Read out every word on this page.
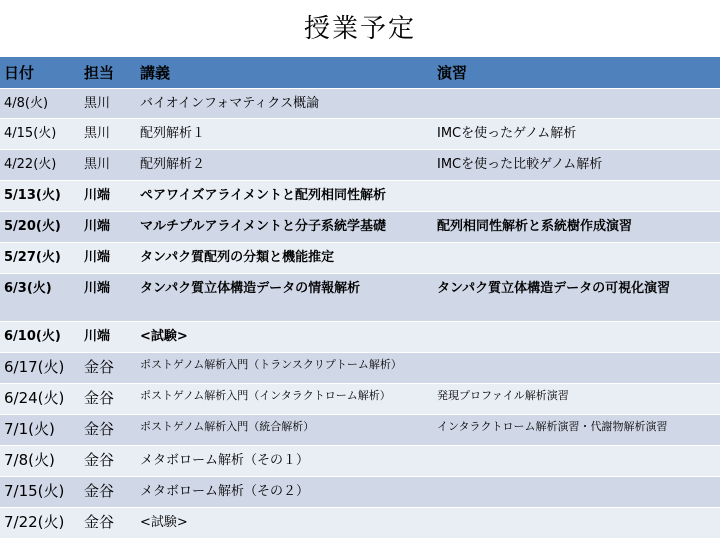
授業予定
日付	担当	講義	演習
4/8(火)	黒川	バイオインフォマティクス概論	
4/15(火)	黒川	配列解析１	IMCを使ったゲノム解析
4/22(火)	黒川	配列解析２	IMCを使った比較ゲノム解析
5/13(火)	川端	ペアワイズアライメントと配列相同性解析	
5/20(火)	川端	マルチプルアライメントと分子系統学基礎	配列相同性解析と系統樹作成演習
5/27(火)	川端	タンパク質配列の分類と機能推定	
6/3(火)	川端	タンパク質立体構造データの情報解析	タンパク質立体構造データの可視化演習
6/10(火)	川端	<試験>	
6/17(火)	金谷	ポストゲノム解析入門（トランスクリプトーム解析）	
6/24(火)	金谷	ポストゲノム解析入門（インタラクトローム解析）	発現プロファイル解析演習
7/1(火)	金谷	ポストゲノム解析入門（統合解析）	インタラクトローム解析演習・代謝物解析演習
7/8(火)	金谷	メタボローム解析（その１）	
7/15(火)	金谷	メタボローム解析（その２）	
7/22(火)	金谷	<試験>	
